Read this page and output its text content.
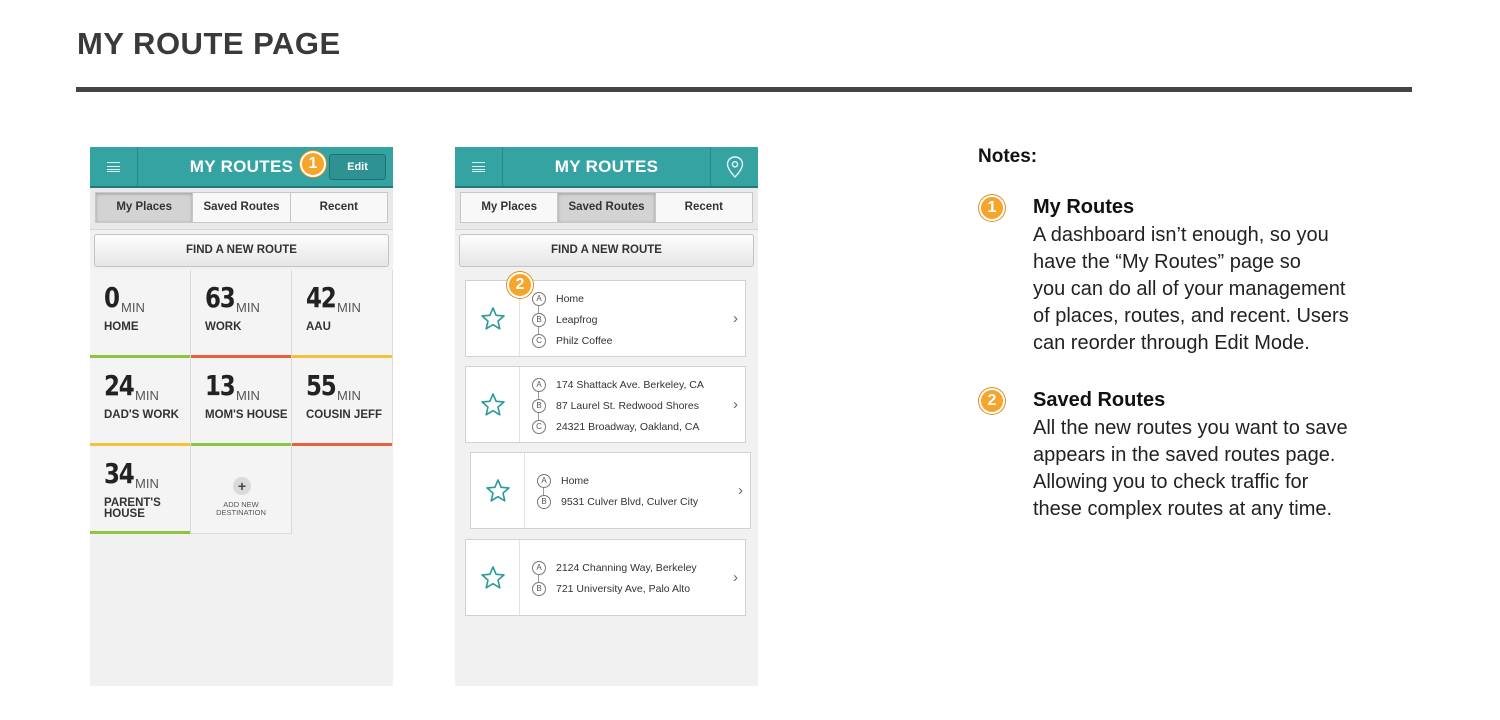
MY ROUTE PAGE
MY ROUTES	Edit
My Places	Saved Routes	Recent
FIND A NEW ROUTE
0 MIN
HOME
63 MIN
WORK
42 MIN
AAU
24 MIN
DAD'S WORK
13 MIN
MOM'S HOUSE
55 MIN
COUSIN JEFF
34 MIN
PARENT'S HOUSE
+
ADD NEW DESTINATION
1	MY ROUTES
My Places	Saved Routes	Recent
FIND A NEW ROUTE
A	Home
B	Leapfrog
C	Philz Coffee
›
A	174 Shattack Ave. Berkeley, CA
B	87 Laurel St. Redwood Shores
C	24321 Broadway, Oakland, CA
›
A	Home
B	9531 Culver Blvd, Culver City
›
A	2124 Channing Way, Berkeley
B	721 University Ave, Palo Alto
›
2
Notes:
1	My Routes
A dashboard isn’t enough, so you
have the “My Routes” page so
you can do all of your management
of places, routes, and recent. Users
can reorder through Edit Mode.
2	Saved Routes
All the new routes you want to save
appears in the saved routes page.
Allowing you to check traffic for
these complex routes at any time.
